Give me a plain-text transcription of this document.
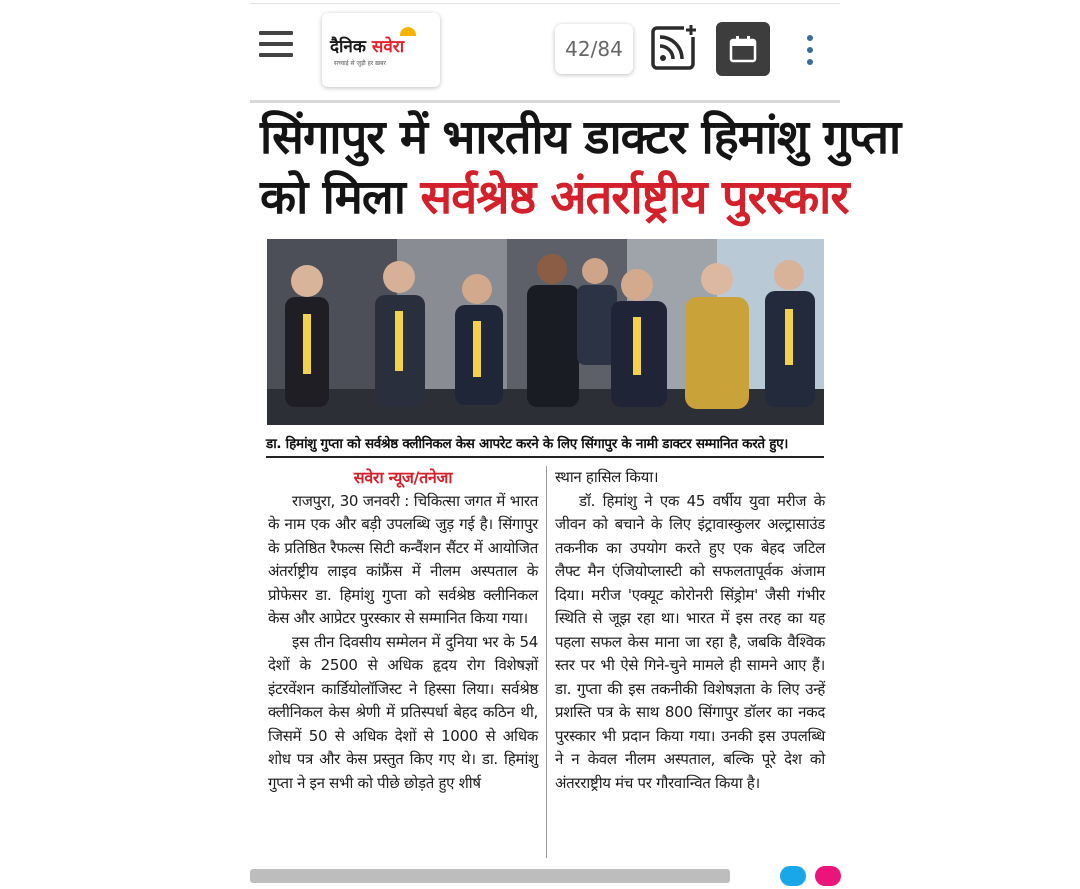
दैनिक सवेरा
सच्चाई से जुड़ी हर ख़बर
42/84
सिंगापुर में भारतीय डाक्टर हिमांशु गुप्ता
को मिला सर्वश्रेष्ठ अंतर्राष्ट्रीय पुरस्कार
डा. हिमांशु गुप्ता को सर्वश्रेष्ठ क्लीनिकल केस आपरेट करने के लिए सिंगापुर के नामी डाक्टर सम्मानित करते हुए।

सवेरा न्यूज/तनेजा

राजपुरा, 30 जनवरी : चिकित्सा जगत में भारत के नाम एक और बड़ी उपलब्धि जुड़ गई है। सिंगापुर के प्रतिष्ठित रैफल्स सिटी कन्वैंशन सैंटर में आयोजित अंतर्राष्ट्रीय लाइव कांफ्रैंस में नीलम अस्पताल के प्रोफेसर डा. हिमांशु गुप्ता को सर्वश्रेष्ठ क्लीनिकल केस और आप्रेटर पुरस्कार से सम्मानित किया गया।

इस तीन दिवसीय सम्मेलन में दुनिया भर के 54 देशों के 2500 से अधिक हृदय रोग विशेषज्ञों इंटरवेंशन कार्डियोलॉजिस्ट ने हिस्सा लिया। सर्वश्रेष्ठ क्लीनिकल केस श्रेणी में प्रतिस्पर्धा बेहद कठिन थी, जिसमें 50 से अधिक देशों से 1000 से अधिक शोध पत्र और केस प्रस्तुत किए गए थे। डा. हिमांशु गुप्ता ने इन सभी को पीछे छोड़ते हुए शीर्ष

स्थान हासिल किया।

डॉ. हिमांशु ने एक 45 वर्षीय युवा मरीज के जीवन को बचाने के लिए इंट्रावास्कुलर अल्ट्रासाउंड तकनीक का उपयोग करते हुए एक बेहद जटिल लैफ्ट मैन एंजियोप्लास्टी को सफलतापूर्वक अंजाम दिया। मरीज 'एक्यूट कोरोनरी सिंड्रोम' जैसी गंभीर स्थिति से जूझ रहा था। भारत में इस तरह का यह पहला सफल केस माना जा रहा है, जबकि वैश्विक स्तर पर भी ऐसे गिने-चुने मामले ही सामने आए हैं। डा. गुप्ता की इस तकनीकी विशेषज्ञता के लिए उन्हें प्रशस्ति पत्र के साथ 800 सिंगापुर डॉलर का नकद पुरस्कार भी प्रदान किया गया। उनकी इस उपलब्धि ने न केवल नीलम अस्पताल, बल्कि पूरे देश को अंतरराष्ट्रीय मंच पर गौरवान्वित किया है।
